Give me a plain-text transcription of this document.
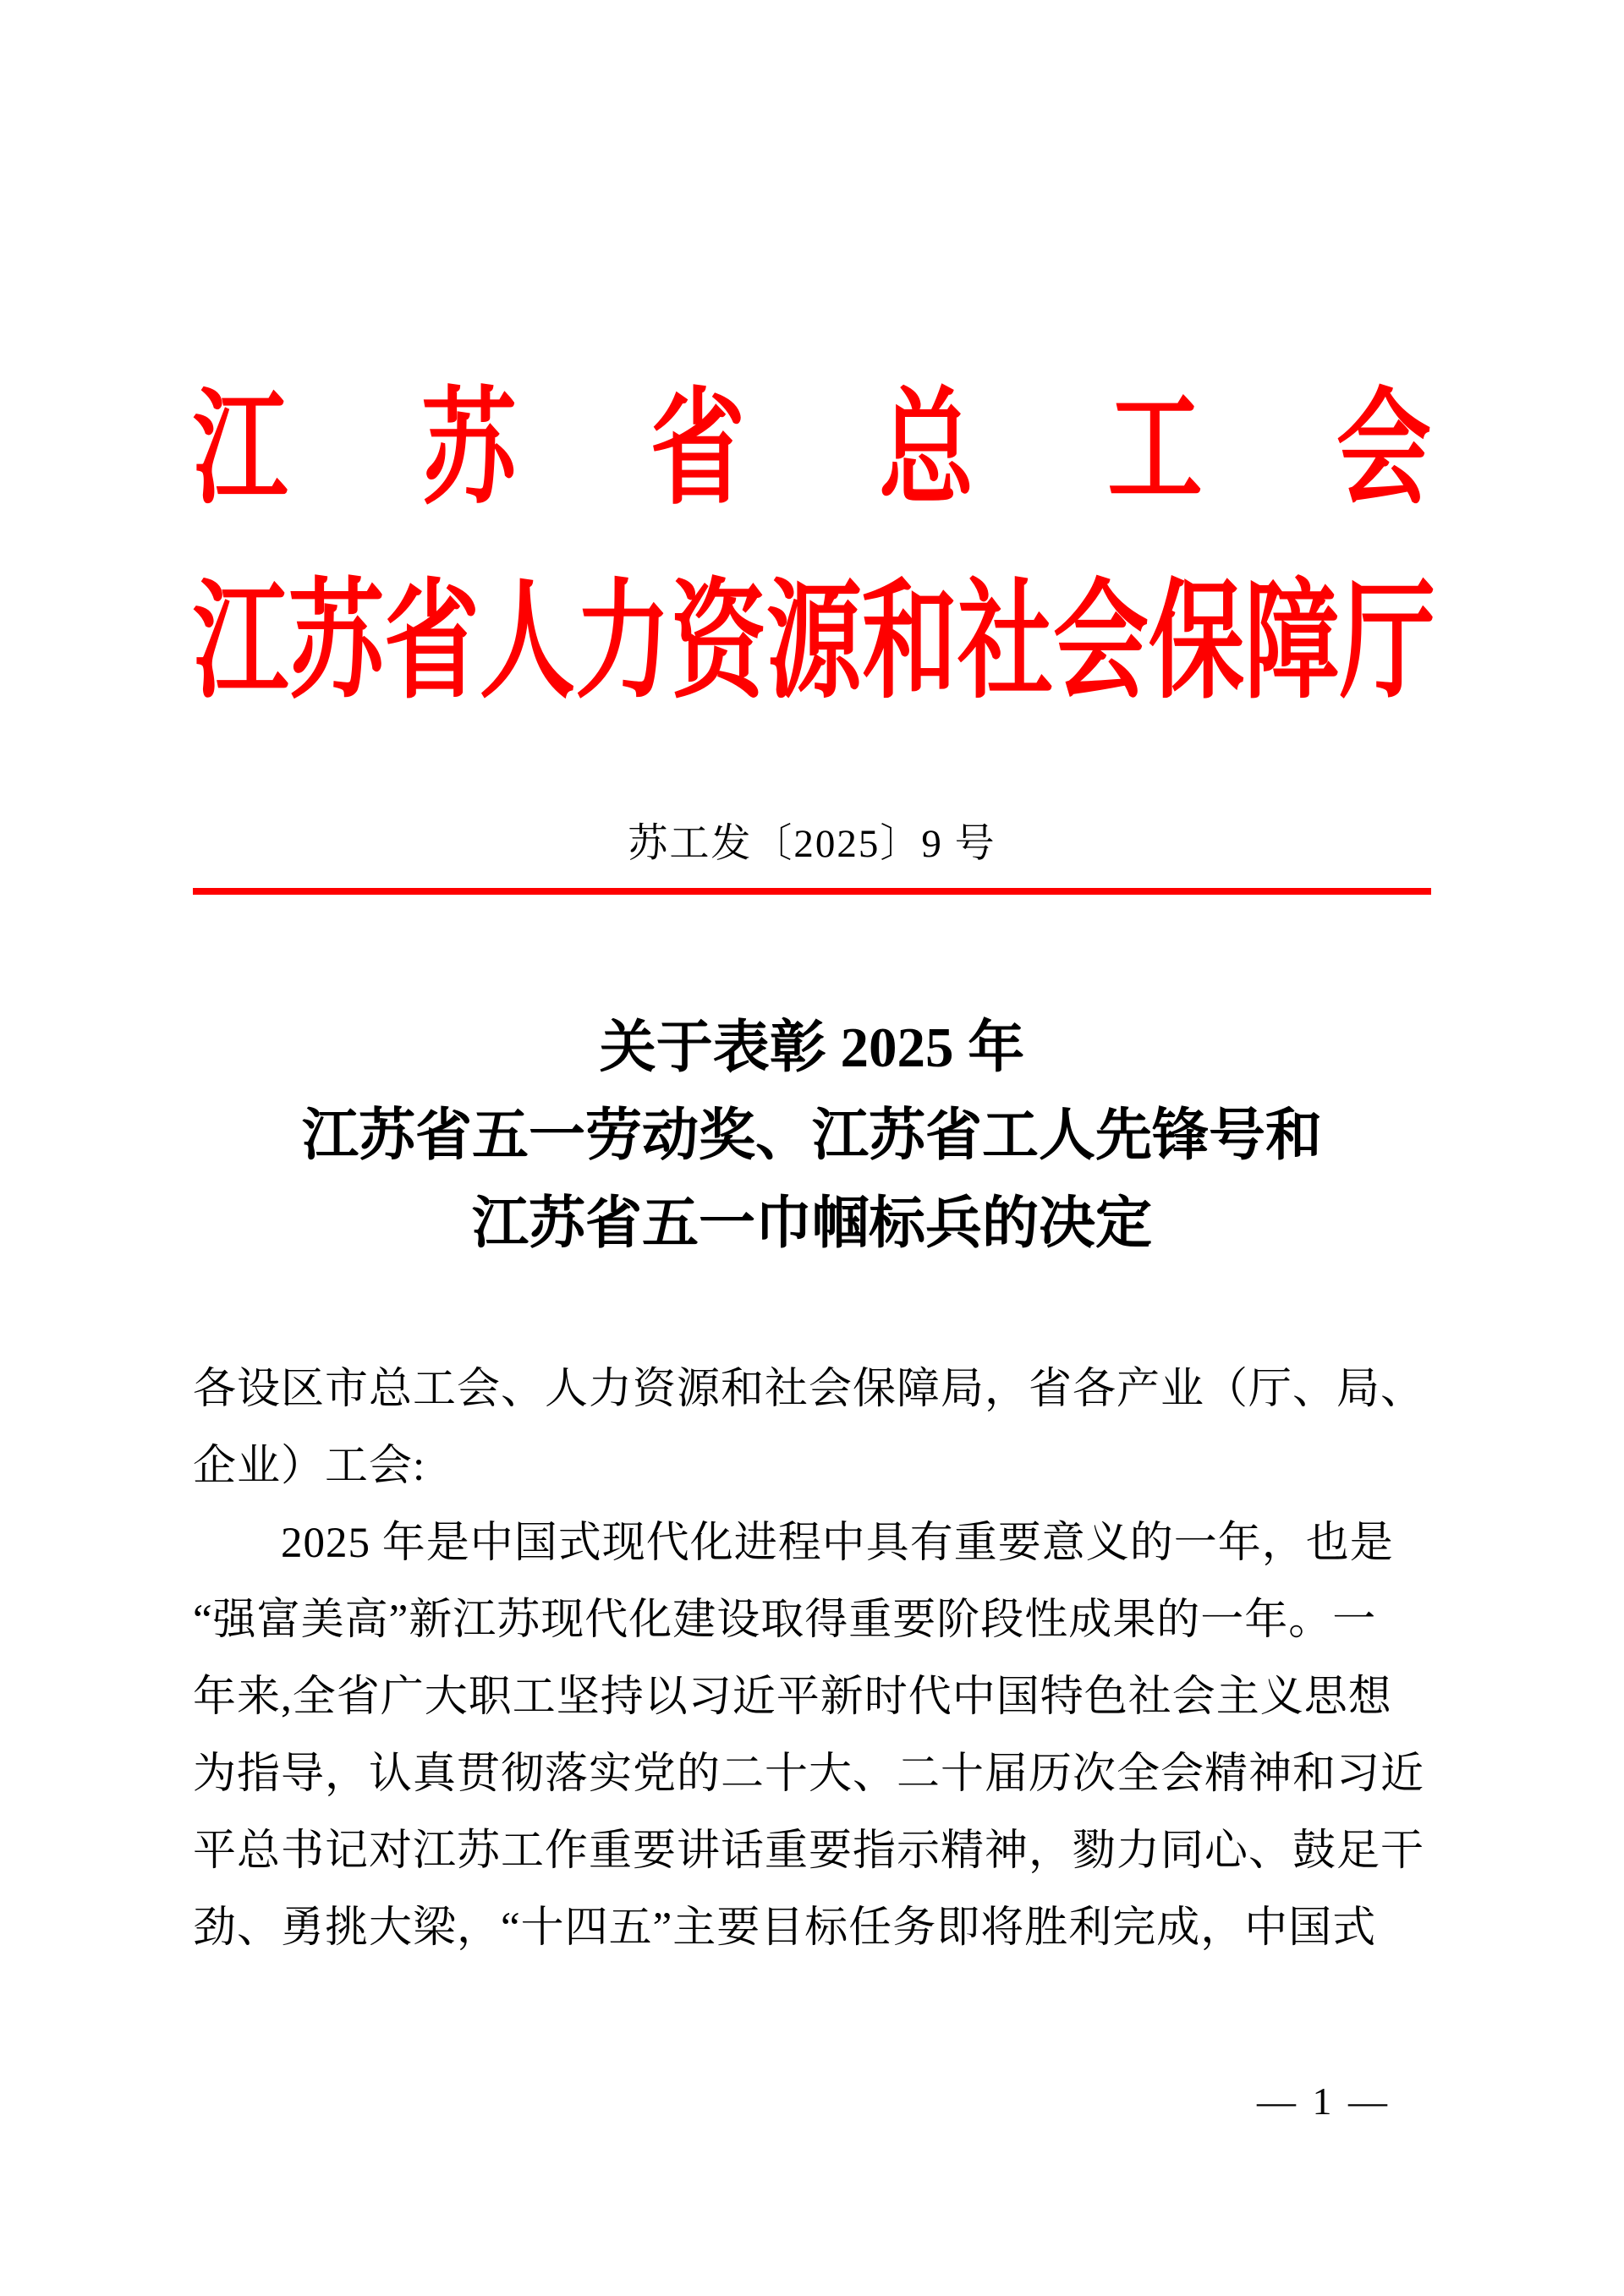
江 苏 省 总 工 会
江 苏 省 人 力 资 源 和 社 会 保 障 厅
苏工发〔2025〕9 号
关于表彰 2025 年
江苏省五一劳动奖、江苏省工人先锋号和
江苏省五一巾帼标兵的决定
各设区市总工会、人力资源和社会保障局，省各产业（厅、局、
企业）工会:
2025 年是中国式现代化进程中具有重要意义的一年，也是
“强富美高”新江苏现代化建设取得重要阶段性成果的一年。一
年来,全省广大职工坚持以习近平新时代中国特色社会主义思想
为指导，认真贯彻落实党的二十大、二十届历次全会精神和习近
平总书记对江苏工作重要讲话重要指示精神，勠力同心、鼓足干
劲、勇挑大梁，“十四五”主要目标任务即将胜利完成，中国式
— 1 —
